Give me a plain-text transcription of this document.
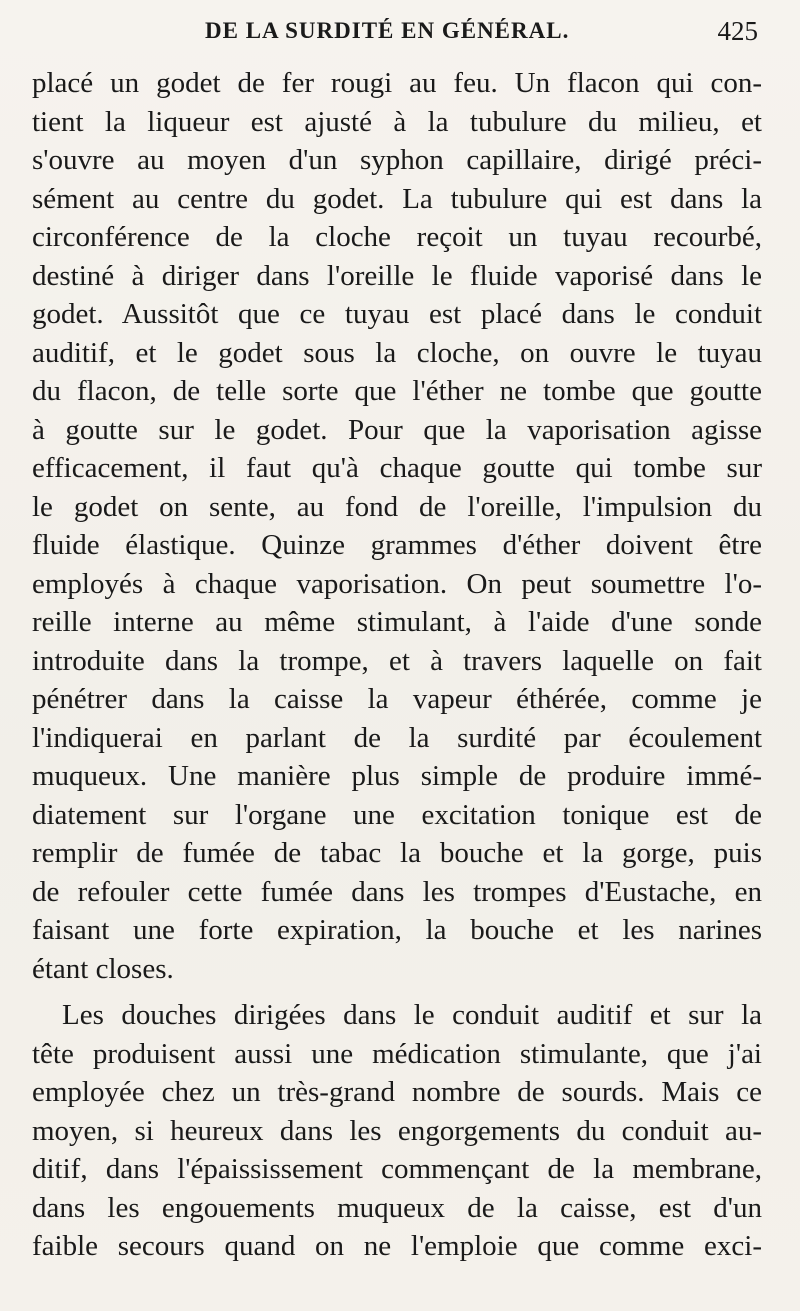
DE LA SURDITÉ EN GÉNÉRAL.	425
placé un godet de fer rougi au feu. Un flacon qui con-
tient la liqueur est ajusté à la tubulure du milieu, et
s'ouvre au moyen d'un syphon capillaire, dirigé préci-
sément au centre du godet. La tubulure qui est dans la
circonférence de la cloche reçoit un tuyau recourbé,
destiné à diriger dans l'oreille le fluide vaporisé dans le
godet. Aussitôt que ce tuyau est placé dans le conduit
auditif, et le godet sous la cloche, on ouvre le tuyau
du flacon, de telle sorte que l'éther ne tombe que goutte
à goutte sur le godet. Pour que la vaporisation agisse
efficacement, il faut qu'à chaque goutte qui tombe sur
le godet on sente, au fond de l'oreille, l'impulsion du
fluide élastique. Quinze grammes d'éther doivent être
employés à chaque vaporisation. On peut soumettre l'o-
reille interne au même stimulant, à l'aide d'une sonde
introduite dans la trompe, et à travers laquelle on fait
pénétrer dans la caisse la vapeur éthérée, comme je
l'indiquerai en parlant de la surdité par écoulement
muqueux. Une manière plus simple de produire immé-
diatement sur l'organe une excitation tonique est de
remplir de fumée de tabac la bouche et la gorge, puis
de refouler cette fumée dans les trompes d'Eustache, en
faisant une forte expiration, la bouche et les narines
étant closes.
Les douches dirigées dans le conduit auditif et sur la
tête produisent aussi une médication stimulante, que j'ai
employée chez un très-grand nombre de sourds. Mais ce
moyen, si heureux dans les engorgements du conduit au-
ditif, dans l'épaississement commençant de la membrane,
dans les engouements muqueux de la caisse, est d'un
faible secours quand on ne l'emploie que comme exci-
